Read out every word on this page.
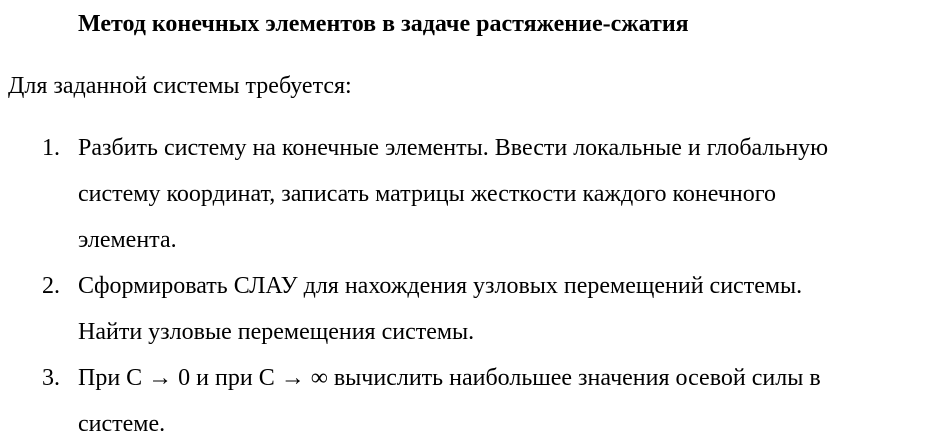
Метод конечных элементов в задаче растяжение-сжатия
Для заданной системы требуется:
1. Разбить систему на конечные элементы. Ввести локальные и глобальную
систему координат, записать матрицы жесткости каждого конечного
элемента.
2. Сформировать СЛАУ для нахождения узловых перемещений системы.
Найти узловые перемещения системы.
3. При C → 0 и при C → ∞ вычислить наибольшее значения осевой силы в
системе.
